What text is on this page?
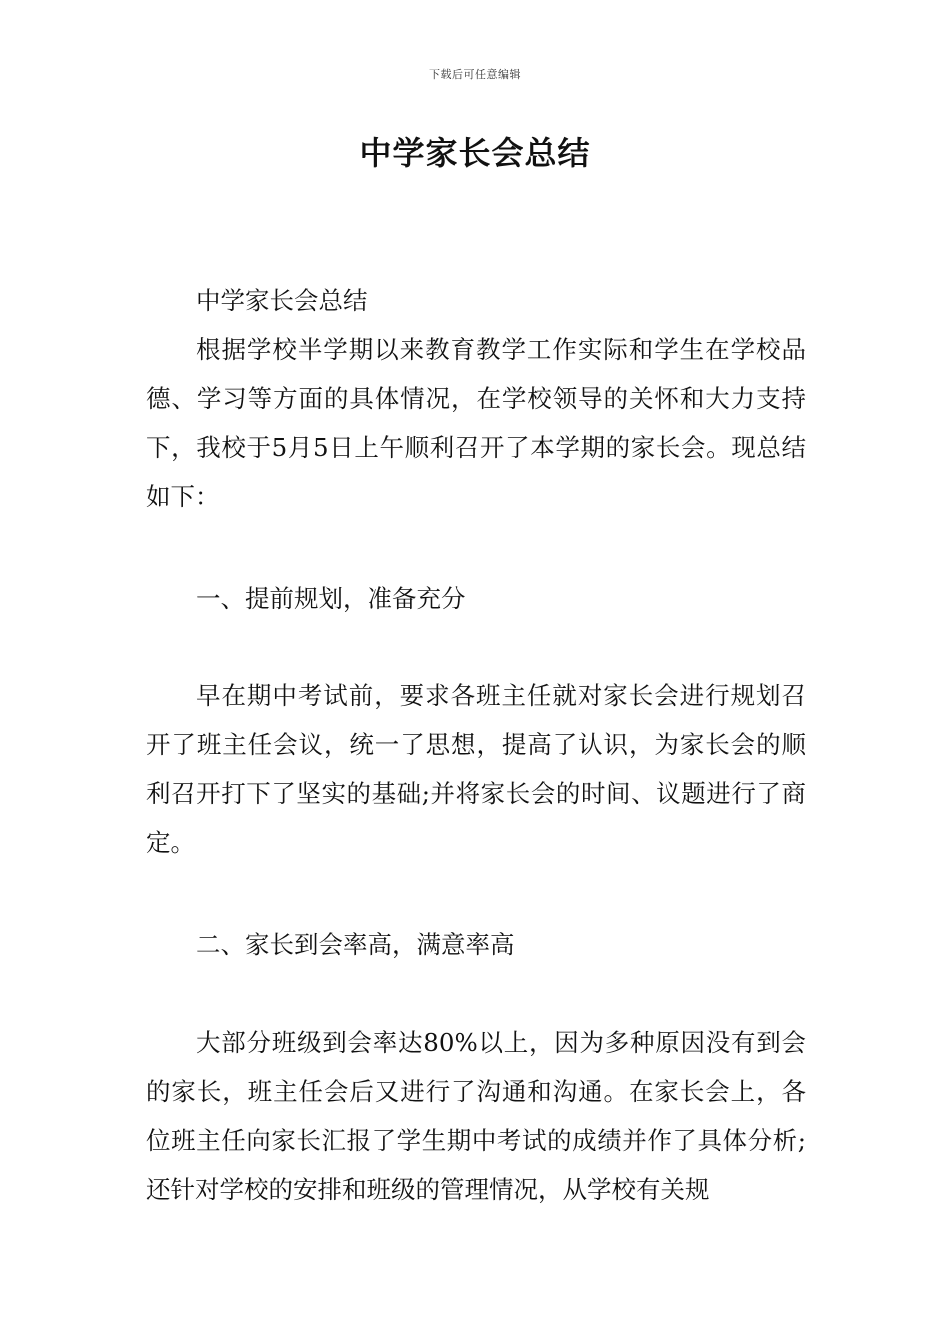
下载后可任意编辑
中学家长会总结

中学家长会总结

根据学校半学期以来教育教学工作实际和学生在学校品德、学习等方面的具体情况，在学校领导的关怀和大力支持下，我校于5月5日上午顺利召开了本学期的家长会。现总结如下：

一、提前规划，准备充分

早在期中考试前，要求各班主任就对家长会进行规划召开了班主任会议，统一了思想，提高了认识，为家长会的顺利召开打下了坚实的基础;并将家长会的时间、议题进行了商定。

二、家长到会率高，满意率高

大部分班级到会率达80%以上，因为多种原因没有到会的家长，班主任会后又进行了沟通和沟通。在家长会上，各位班主任向家长汇报了学生期中考试的成绩并作了具体分析;还针对学校的安排和班级的管理情况，从学校有关规
